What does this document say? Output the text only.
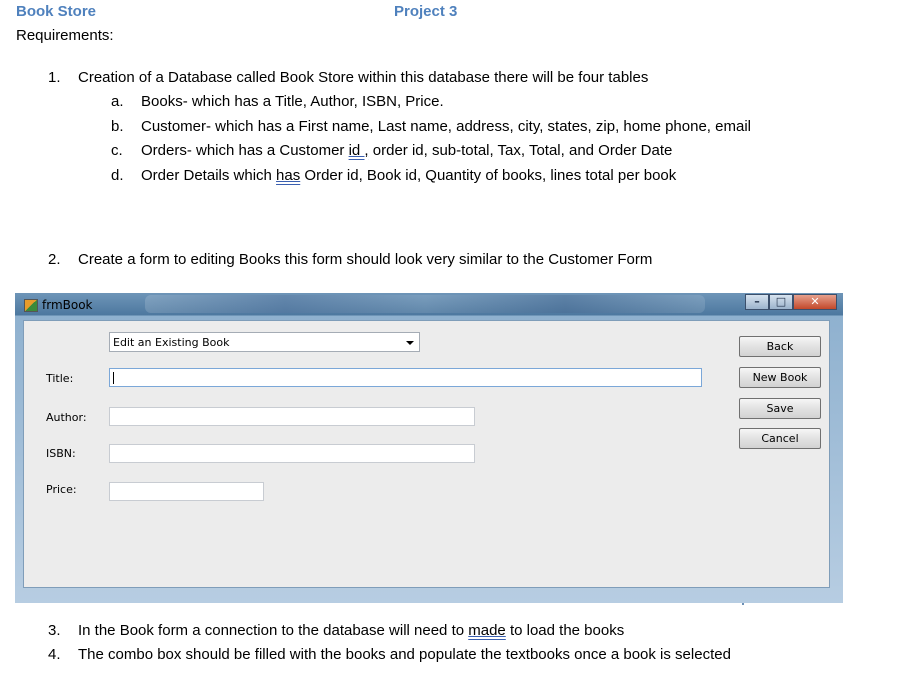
Book Store	Project 3
Requirements:
1. Creation of a Database called Book Store within this database there will be four tables
a. Books- which has a Title, Author, ISBN, Price.
b. Customer- which has a First name, Last name, address, city, states, zip, home phone, email
c. Orders- which has a Customer id , order id, sub-total, Tax, Total, and Order Date
d. Order Details which has Order id, Book id, Quantity of books, lines total per book
2. Create a form to editing Books this form should look very similar to the Customer Form
frmBook	–	□	✕
Edit an Existing Book
Title:
Author:
ISBN:
Price:
Back
New Book
Save
Cancel
3. In the Book form a connection to the database will need to made to load the books
4. The combo box should be filled with the books and populate the textbooks once a book is selected
